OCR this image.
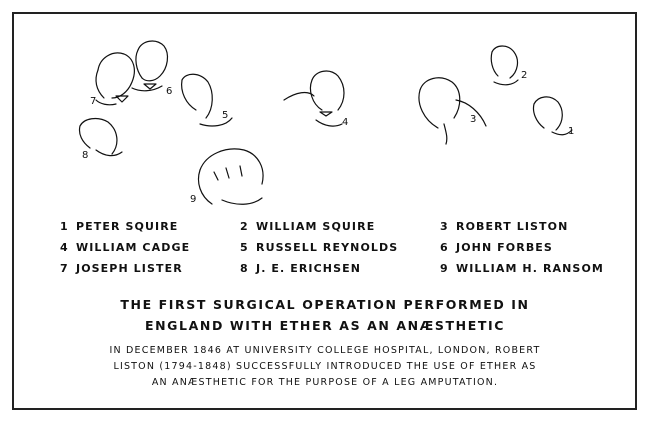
1
2
3
4
5
6
7
8
9
1 PETER SQUIRE	2 WILLIAM SQUIRE	3 ROBERT LISTON
4 WILLIAM CADGE	5 RUSSELL REYNOLDS	6 JOHN FORBES
7 JOSEPH LISTER	8 J. E. ERICHSEN	9 WILLIAM H. RANSOM
THE FIRST SURGICAL OPERATION PERFORMED IN
ENGLAND WITH ETHER AS AN ANÆSTHETIC
IN DECEMBER 1846 AT UNIVERSITY COLLEGE HOSPITAL, LONDON, ROBERT
LISTON (1794-1848) SUCCESSFULLY INTRODUCED THE USE OF ETHER AS
AN ANÆSTHETIC FOR THE PURPOSE OF A LEG AMPUTATION.
